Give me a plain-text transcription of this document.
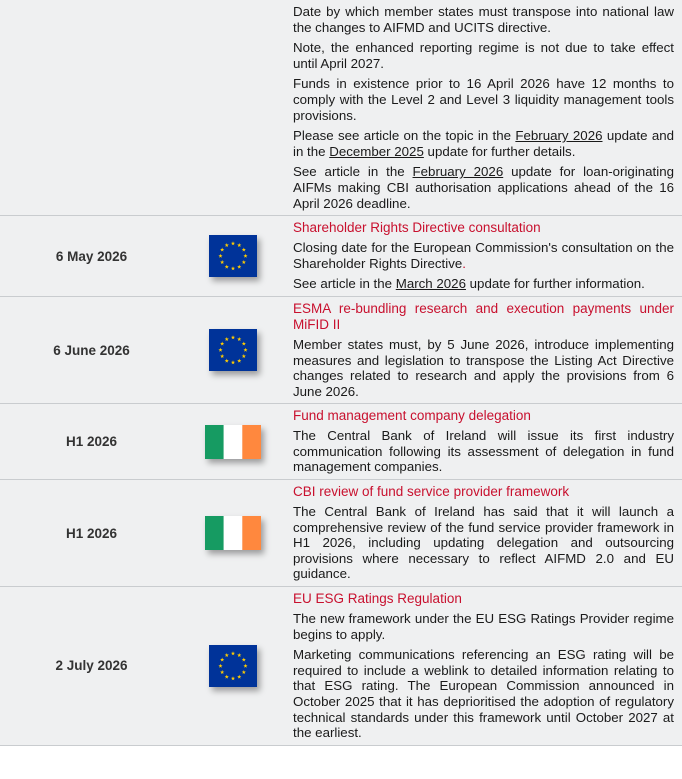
		Date by which member states must transpose into national law the changes to AIFMD and UCITS directive.

Note, the enhanced reporting regime is not due to take effect until April 2027.

Funds in existence prior to 16 April 2026 have 12 months to comply with the Level 2 and Level 3 liquidity management tools provisions.

Please see article on the topic in the February 2026 update and in the December 2025 update for further details.

See article in the February 2026 update for loan-originating AIFMs making CBI authorisation applications ahead of the 16 April 2026 deadline.

6 May 2026		Shareholder Rights Directive consultation

Closing date for the European Commission's consultation on the Shareholder Rights Directive.

See article in the March 2026 update for further information.

6 June 2026		ESMA re-bundling research and execution payments under MiFID II

Member states must, by 5 June 2026, introduce implementing measures and legislation to transpose the Listing Act Directive changes related to research and apply the provisions from 6 June 2026.

H1 2026		Fund management company delegation

The Central Bank of Ireland will issue its first industry communication following its assessment of delegation in fund management companies.

H1 2026		CBI review of fund service provider framework

The Central Bank of Ireland has said that it will launch a comprehensive review of the fund service provider framework in H1 2026, including updating delegation and outsourcing provisions where necessary to reflect AIFMD 2.0 and EU guidance.

2 July 2026		EU ESG Ratings Regulation

The new framework under the EU ESG Ratings Provider regime begins to apply.

Marketing communications referencing an ESG rating will be required to include a weblink to detailed information relating to that ESG rating. The European Commission announced in October 2025 that it has deprioritised the adoption of regulatory technical standards under this framework until October 2027 at the earliest.
